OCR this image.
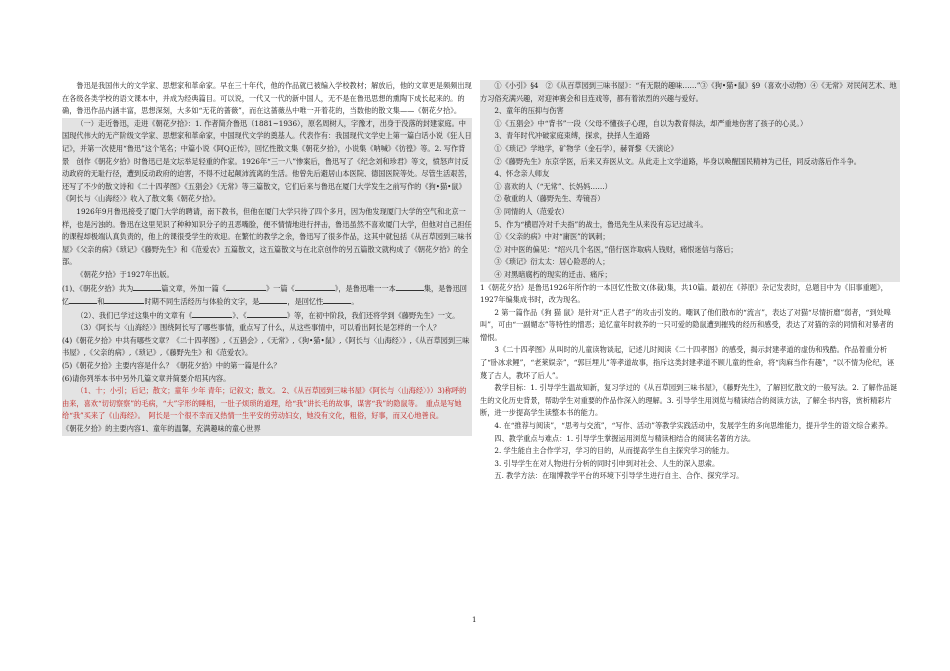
鲁迅是我国伟大的文学家、思想家和革命家。早在三十年代，他的作品就已被编入学校教材；解放后，他的文章更是频频出现在各级各类学校的语文课本中，并成为经典篇目。可以说，一代又一代的新中国人，无不是在鲁迅思想的熏陶下成长起来的。的确，鲁迅作品内涵丰富，思想深刻，大多如“无花的蔷薇”，而在这蔷薇丛中唯一开着花的，当数他的散文集——《朝花夕拾》。

（一）走近鲁迅，走进《朝花夕拾》：1. 作者简介鲁迅（1881~1936），原名周树人，字豫才，出身于没落的封建家庭。中国现代伟大的无产阶级文学家、思想家和革命家，中国现代文学的奠基人。代表作有：我国现代文学史上第一篇白话小说《狂人日记》，并第一次使用“鲁迅”这个笔名；中篇小说《阿Q正传》，回忆性散文集《朝花夕拾》，小说集《呐喊》《彷徨》等。2. 写作背景　创作《朝花夕拾》时鲁迅已是文坛举足轻重的作家。1926年“三一八”惨案后，鲁迅写了《纪念刘和珍君》等文，愤怒声讨反动政府的无耻行径，遭到反动政府的迫害，不得不过起颠沛流离的生活。他曾先后避居山本医院、德国医院等处。尽管生活艰苦，还写了不少的散文诗和《二十四孝图》《五猖会》《无常》等三篇散文，它们后来与鲁迅在厦门大学发生之前写作的《狗•猫•鼠》《阿长与〈山海经〉》收入了散文集《朝花夕拾》。

1926年9月鲁迅接受了厦门大学的聘请，南下教书，但他在厦门大学只待了四个多月，因为他发现厦门大学的空气和北京一样，也是污浊的。鲁迅在这里见识了种种知识分子的丑恶嘴脸，便不情情地进行抨击，鲁迅虽然不喜欢厦门大学，但他对自己担任的课程却极端认真负责的，他上的课很受学生的欢迎。在繁忙的教学之余，鲁迅写了很多作品，这其中就包括《从百草园到三味书屋》《父亲的病》《琐记》《藤野先生》和《范爱农》五篇散文，这五篇散文与在北京创作的另五篇散文就构成了《朝花夕拾》的全部。

《朝花夕拾》于1927年出版。

(1)、《朝花夕拾》共为	篇文章，外加一篇《	》一篇《	》，是鲁迅唯一一本	集，是鲁迅回忆	和	时期不同生活经历与体验的文字，是	，是回忆性	。

（2）、我们已学过这集中的文章有《	》、《	》等，在初中阶段，我们还将学到《藤野先生》一文。

（3）《阿长与〈山海经〉》围绕阿长写了哪些事情，重点写了什么，从这些事情中，可以看出阿长是怎样的一个人？

(4)《朝花夕拾》中共有哪些文章？《二十四孝图》,《五猖会》,《无常》,《狗•猫•鼠》,《阿长与〈山海经〉》,《从百草园到三味书屋》,《父亲的病》,《琐记》,《藤野先生》和《范爱农》。

(5)《朝花夕拾》主要内容是什么？《朝花夕拾》中的第一篇是什么？

(6)请你列举本书中另外几篇文章并简要介绍其内容。

（1、十；小引；后记；散文；童年 少年 青年；记叙文；散文。 2、《从百草园到三味书屋》《阿长与〈山海经〉》）3)称呼的由来，喜欢“切切察察”的毛病，“大”字形的睡相，一肚子烦琐的道理，给“我”讲长毛的故事，谋害“我”的隐鼠等。　重点是写她给“我”买来了《山海经》。　阿长是一个很不幸而又热情一生平安的劳动妇女，她没有文化，粗俗，好事，而又心地善良。

《朝花夕拾》的主要内容1、童年的温馨，充满趣味的童心世界

①《小引》§4　②《从百草园到三味书屋》：“有无限的趣味……”③《狗•猫•鼠》§9（喜欢小动物）④《无常》对民间艺术、地方习俗充满兴趣，对迎神赛会和目连戏等，都有着浓烈的兴趣与爱好。

2、童年的压抑与伤害

①《五猖会》中“背书”一段（父母不懂孩子心理，自以为教育得法，却严重地伤害了孩子的心灵。）

3、青年时代冲破家庭束缚，探求，抉择人生道路

①《琐记》学地学，矿物学（金石学），赫胥黎《天演论》

②《藤野先生》东京学医，后来又弃医从文。从此走上文学道路，毕身以唤醒国民精神为己任，同反动落后作斗争。

4、怀念亲人师友

① 喜欢的人（“无常”、长妈妈……）

② 敬重的人（藤野先生、寿镜吾）

③ 同情的人（范爱农）

5、作为“横眉冷对千夫指”的战士，鲁迅先生从来没有忘记过战斗。

①《父亲的病》中对“庸医”的讽刺；

② 对中医的偏见：“绍兴几个名医，”借行医诈取病人钱财，痛恨迷信与落后；

③《琐记》衍太太：居心险恶的人；

④ 对黑暗腐朽的现实的迁击、痛斥；

1《朝花夕拾》是鲁迅1926年所作的一本回忆性散文(体裁)集，共10篇。最初在《莽原》杂记发表时，总题目中为《旧事重题》，1927年编集成书时，改为现名。

2 第一篇作品《狗 猫 鼠》是针对“正人君子”的攻击引发的。嘲讽了他们散布的“流言”，表达了对猫“尽情折磨”弱者，“到处嗥叫”，可由“一副媚态”等特性的憎恶；追忆童年时救养的一只可爱的隐鼠遭到摧残的经历和感受，表达了对猫的亲的同情和对暴者的憎恨。

3《二十四孝图》从叫时的儿童读物谈起，记述儿时阅读《二十四孝图》的感受，揭示封建孝道的虚伪和残酷。作品着重分析了“卧冰求鲤”，“老莱娱亲”，“郭巨埋儿”等孝道故事，指斥这类封建孝道不顾儿童的性命，将“肉麻当作有趣”，“以不情为伦纪，诬蔑了古人，教坏了后人”。

教学目标：1. 引导学生温故知新，复习学过的《从百草园到三味书屋》，《藤野先生》，了解回忆散文的一般写法。2. 了解作品诞生的文化历史背景，帮助学生对重要的作品作深入的理解。3. 引导学生用浏览与精读结合的阅读方法，了解全书内容，赏析精彩片断，进一步提高学生读整本书的能力。

4. 在“推荐与阅读”，“思考与交流”，“写作、活动”等教学实践活动中，发展学生的多向思维能力，提升学生的语文综合素养。

四、教学重点与难点：1. 引导学生掌握运用浏览与精读相结合的阅读名著的方法。

2. 学生能自主合作学习，学习的目的，从而提高学生自主探究学习的能力。

3. 引导学生在对人物进行分析的同时引申到对社会、人生的深入思索。

五. 教学方法：在瑞博教学平台的环境下引导学生进行自主、合作、探究学习。

1
